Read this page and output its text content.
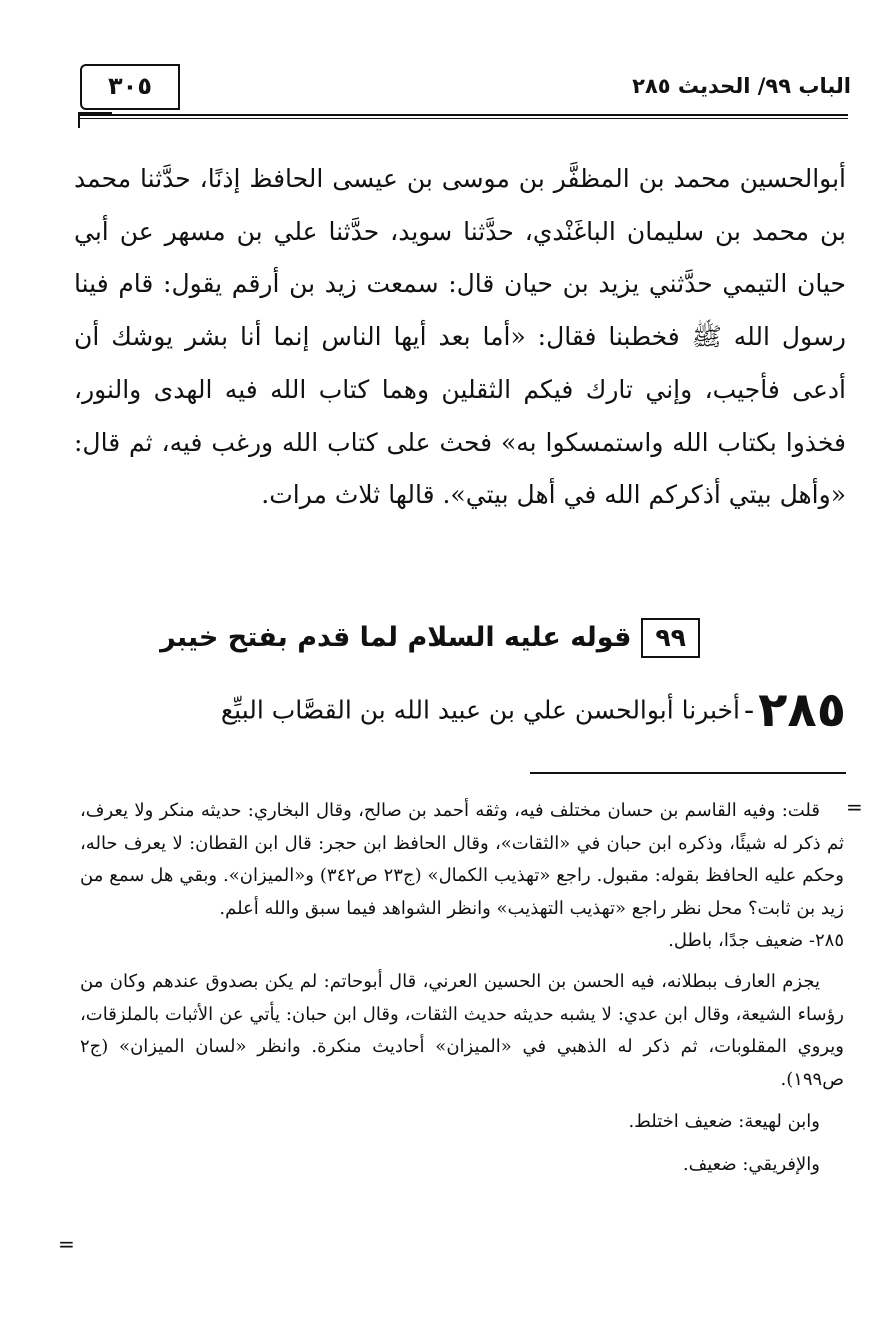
الباب ٩٩/ الحديث ٢٨٥
٣٠٥

أبوالحسين محمد بن المظفَّر بن موسى بن عيسى الحافظ إذنًا، حدَّثنا محمد بن محمد بن سليمان الباغَنْدي، حدَّثنا سويد، حدَّثنا علي بن مسهر عن أبي حيان التيمي حدَّثني يزيد بن حيان قال: سمعت زيد بن أرقم يقول: قام فينا رسول الله ﷺ فخطبنا فقال: «أما بعد أيها الناس إنما أنا بشر يوشك أن أدعى فأجيب، وإني تارك فيكم الثقلين وهما كتاب الله فيه الهدى والنور، فخذوا بكتاب الله واستمسكوا به» فحث على كتاب الله ورغب فيه، ثم قال: «وأهل بيتي أذكركم الله في أهل بيتي». قالها ثلاث مرات.

٩٩قوله عليه السلام لما قدم بفتح خيبر
٢٨٥-أخبرنا أبوالحسن علي بن عبيد الله بن القصَّاب البيِّع
=

قلت: وفيه القاسم بن حسان مختلف فيه، وثقه أحمد بن صالح، وقال البخاري: حديثه منكر ولا يعرف، ثم ذكر له شيئًا، وذكره ابن حبان في «الثقات»، وقال الحافظ ابن حجر: قال ابن القطان: لا يعرف حاله، وحكم عليه الحافظ بقوله: مقبول. راجع «تهذيب الكمال» (ج٢٣ ص٣٤٢) و«الميزان». وبقي هل سمع من زيد بن ثابت؟ محل نظر راجع «تهذيب التهذيب» وانظر الشواهد فيما سبق والله أعلم.

٢٨٥- ضعيف جدًا، باطل.

يجزم العارف ببطلانه، فيه الحسن بن الحسين العرني، قال أبوحاتم: لم يكن بصدوق عندهم وكان من رؤساء الشيعة، وقال ابن عدي: لا يشبه حديثه حديث الثقات، وقال ابن حبان: يأتي عن الأثبات بالملزقات، ويروي المقلوبات، ثم ذكر له الذهبي في «الميزان» أحاديث منكرة. وانظر «لسان الميزان» (ج٢ ص١٩٩).

وابن لهيعة: ضعيف اختلط.

والإفريقي: ضعيف.

=
